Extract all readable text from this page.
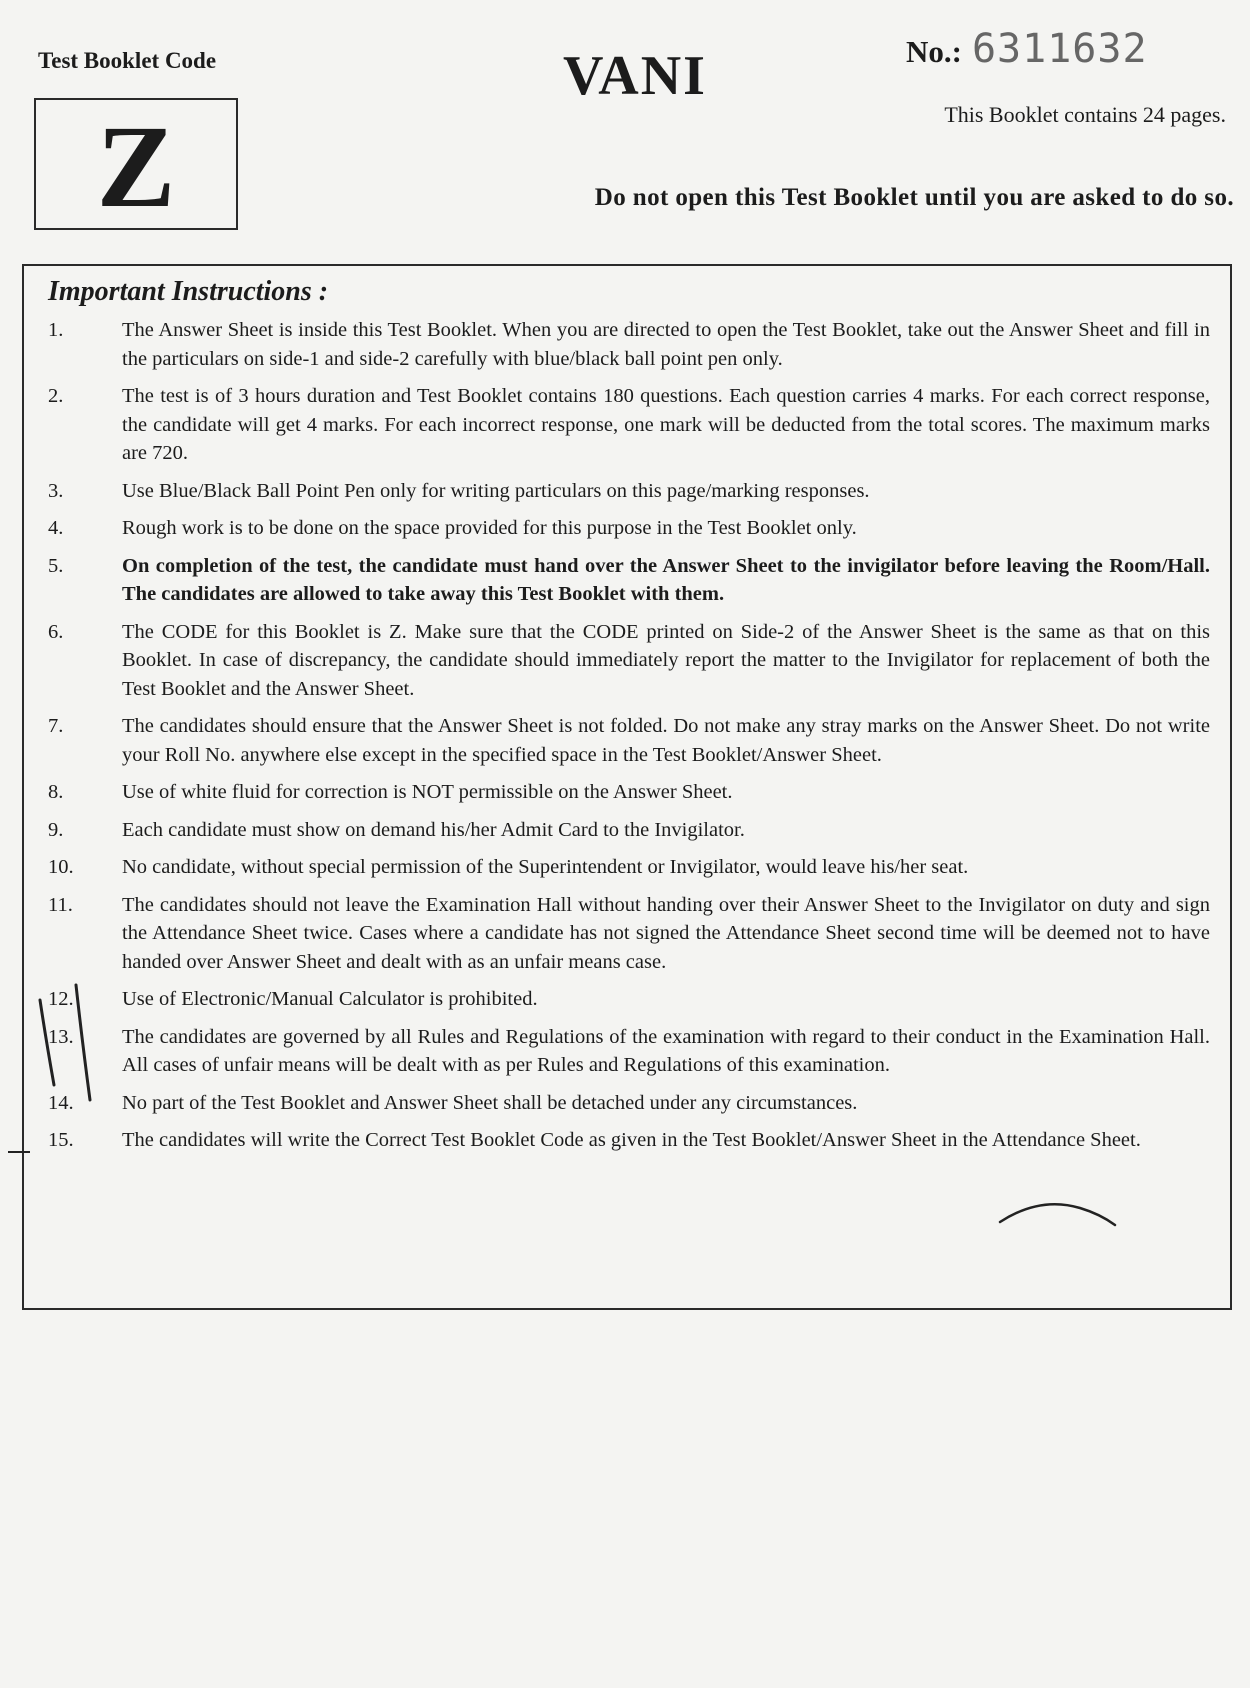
Test Booklet Code
Z
VANI	No.: 6311632
This Booklet contains 24 pages.
Do not open this Test Booklet until you are asked to do so.
Important Instructions :
1.	The Answer Sheet is inside this Test Booklet. When you are directed to open the Test Booklet, take out the Answer Sheet and fill in the particulars on side-1 and side-2 carefully with blue/black ball point pen only.
2.	The test is of 3 hours duration and Test Booklet contains 180 questions. Each question carries 4 marks. For each correct response, the candidate will get 4 marks. For each incorrect response, one mark will be deducted from the total scores. The maximum marks are 720.
3.	Use Blue/Black Ball Point Pen only for writing particulars on this page/marking responses.
4.	Rough work is to be done on the space provided for this purpose in the Test Booklet only.
5.	On completion of the test, the candidate must hand over the Answer Sheet to the invigilator before leaving the Room/Hall. The candidates are allowed to take away this Test Booklet with them.
6.	The CODE for this Booklet is Z. Make sure that the CODE printed on Side-2 of the Answer Sheet is the same as that on this Booklet. In case of discrepancy, the candidate should immediately report the matter to the Invigilator for replacement of both the Test Booklet and the Answer Sheet.
7.	The candidates should ensure that the Answer Sheet is not folded. Do not make any stray marks on the Answer Sheet. Do not write your Roll No. anywhere else except in the specified space in the Test Booklet/Answer Sheet.
8.	Use of white fluid for correction is NOT permissible on the Answer Sheet.
9.	Each candidate must show on demand his/her Admit Card to the Invigilator.
10.	No candidate, without special permission of the Superintendent or Invigilator, would leave his/her seat.
11.	The candidates should not leave the Examination Hall without handing over their Answer Sheet to the Invigilator on duty and sign the Attendance Sheet twice. Cases where a candidate has not signed the Attendance Sheet second time will be deemed not to have handed over Answer Sheet and dealt with as an unfair means case.
12.	Use of Electronic/Manual Calculator is prohibited.
13.	The candidates are governed by all Rules and Regulations of the examination with regard to their conduct in the Examination Hall. All cases of unfair means will be dealt with as per Rules and Regulations of this examination.
14.	No part of the Test Booklet and Answer Sheet shall be detached under any circumstances.
15.	The candidates will write the Correct Test Booklet Code as given in the Test Booklet/Answer Sheet in the Attendance Sheet.
